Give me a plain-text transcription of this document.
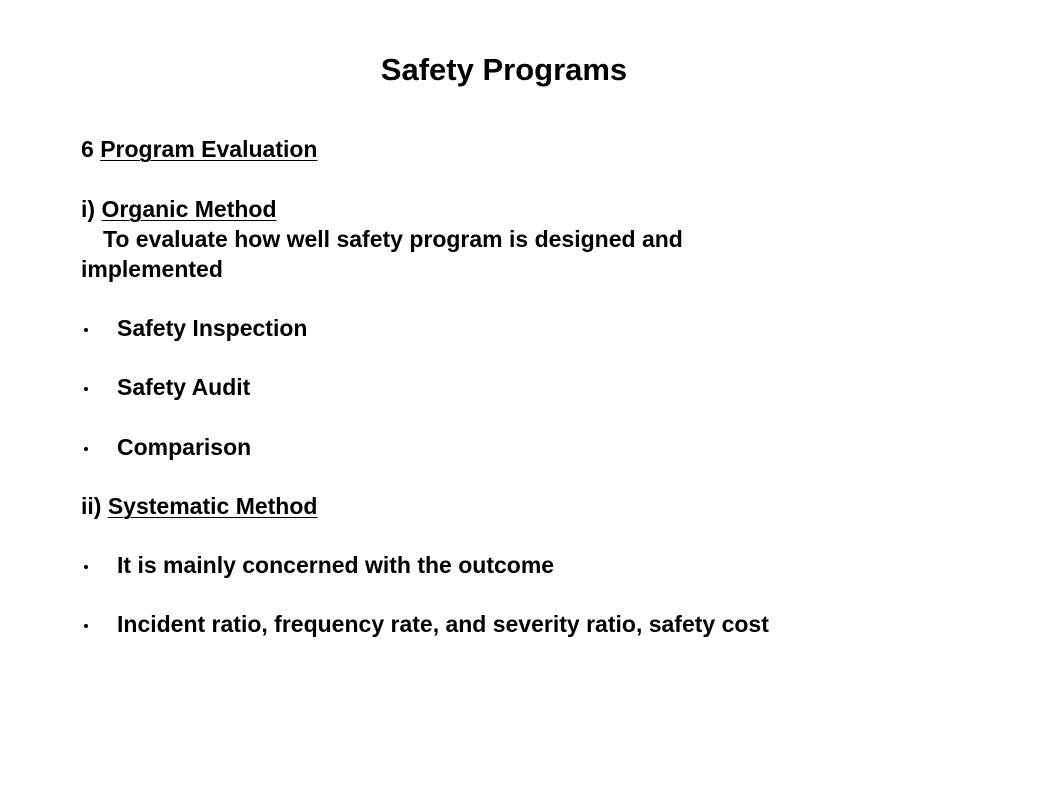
Safety Programs
6 Program Evaluation
i) Organic Method
To evaluate how well safety program is designed and
implemented
Safety Inspection
Safety Audit
Comparison
ii) Systematic Method
It is mainly concerned with the outcome
Incident ratio, frequency rate, and severity ratio, safety cost
